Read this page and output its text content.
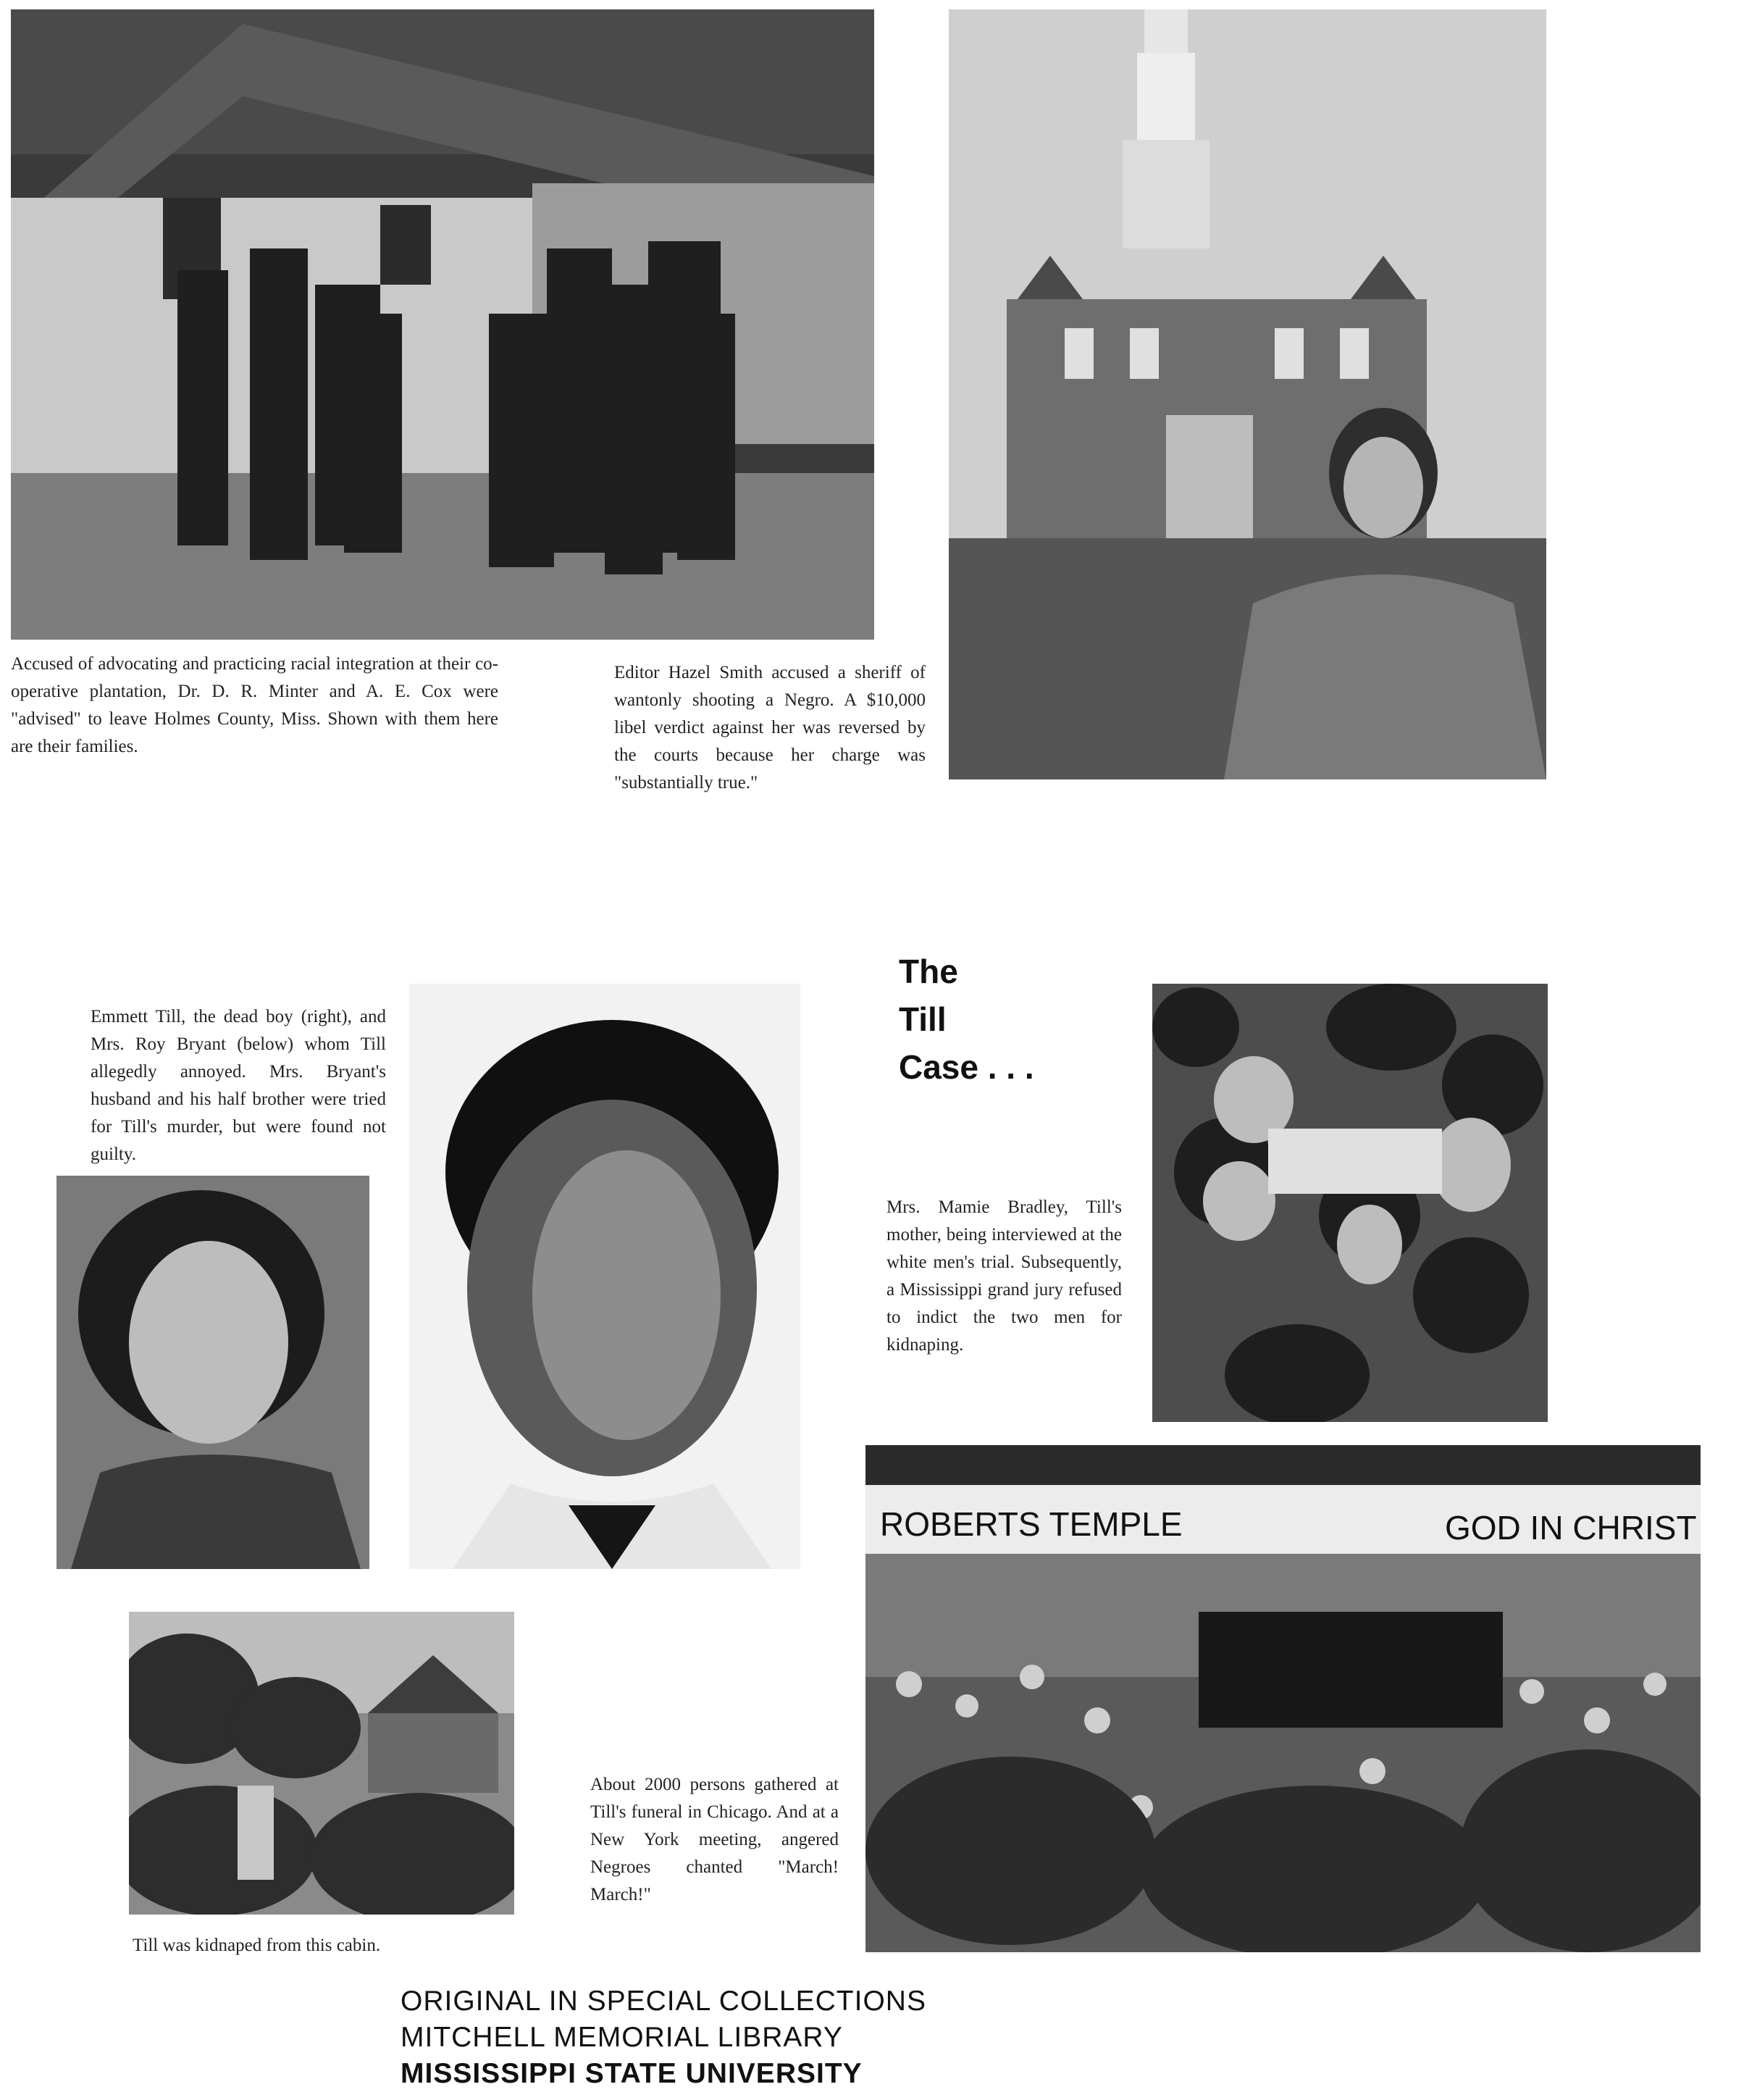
Accused of advocating and practicing racial integration at their co-operative plantation, Dr. D. R. Minter and A. E. Cox were "advised" to leave Holmes County, Miss. Shown with them here are their families.
Editor Hazel Smith accused a sheriff of wantonly shooting a Negro. A $10,000 libel verdict against her was reversed by the courts because her charge was "substantially true."
The
Till
Case . . .
Emmett Till, the dead boy (right), and Mrs. Roy Bryant (below) whom Till allegedly annoyed. Mrs. Bryant's husband and his half brother were tried for Till's murder, but were found not guilty.
Mrs. Mamie Bradley, Till's mother, being interviewed at the white men's trial. Subsequently, a Mississippi grand jury refused to indict the two men for kidnaping.
About 2000 persons gathered at Till's funeral in Chicago. And at a New York meeting, angered Negroes chanted "March! March!"
ROBERTS TEMPLE	GOD IN CHRIST
Till was kidnaped from this cabin.
ORIGINAL IN SPECIAL COLLECTIONS
MITCHELL MEMORIAL LIBRARY
MISSISSIPPI STATE UNIVERSITY
